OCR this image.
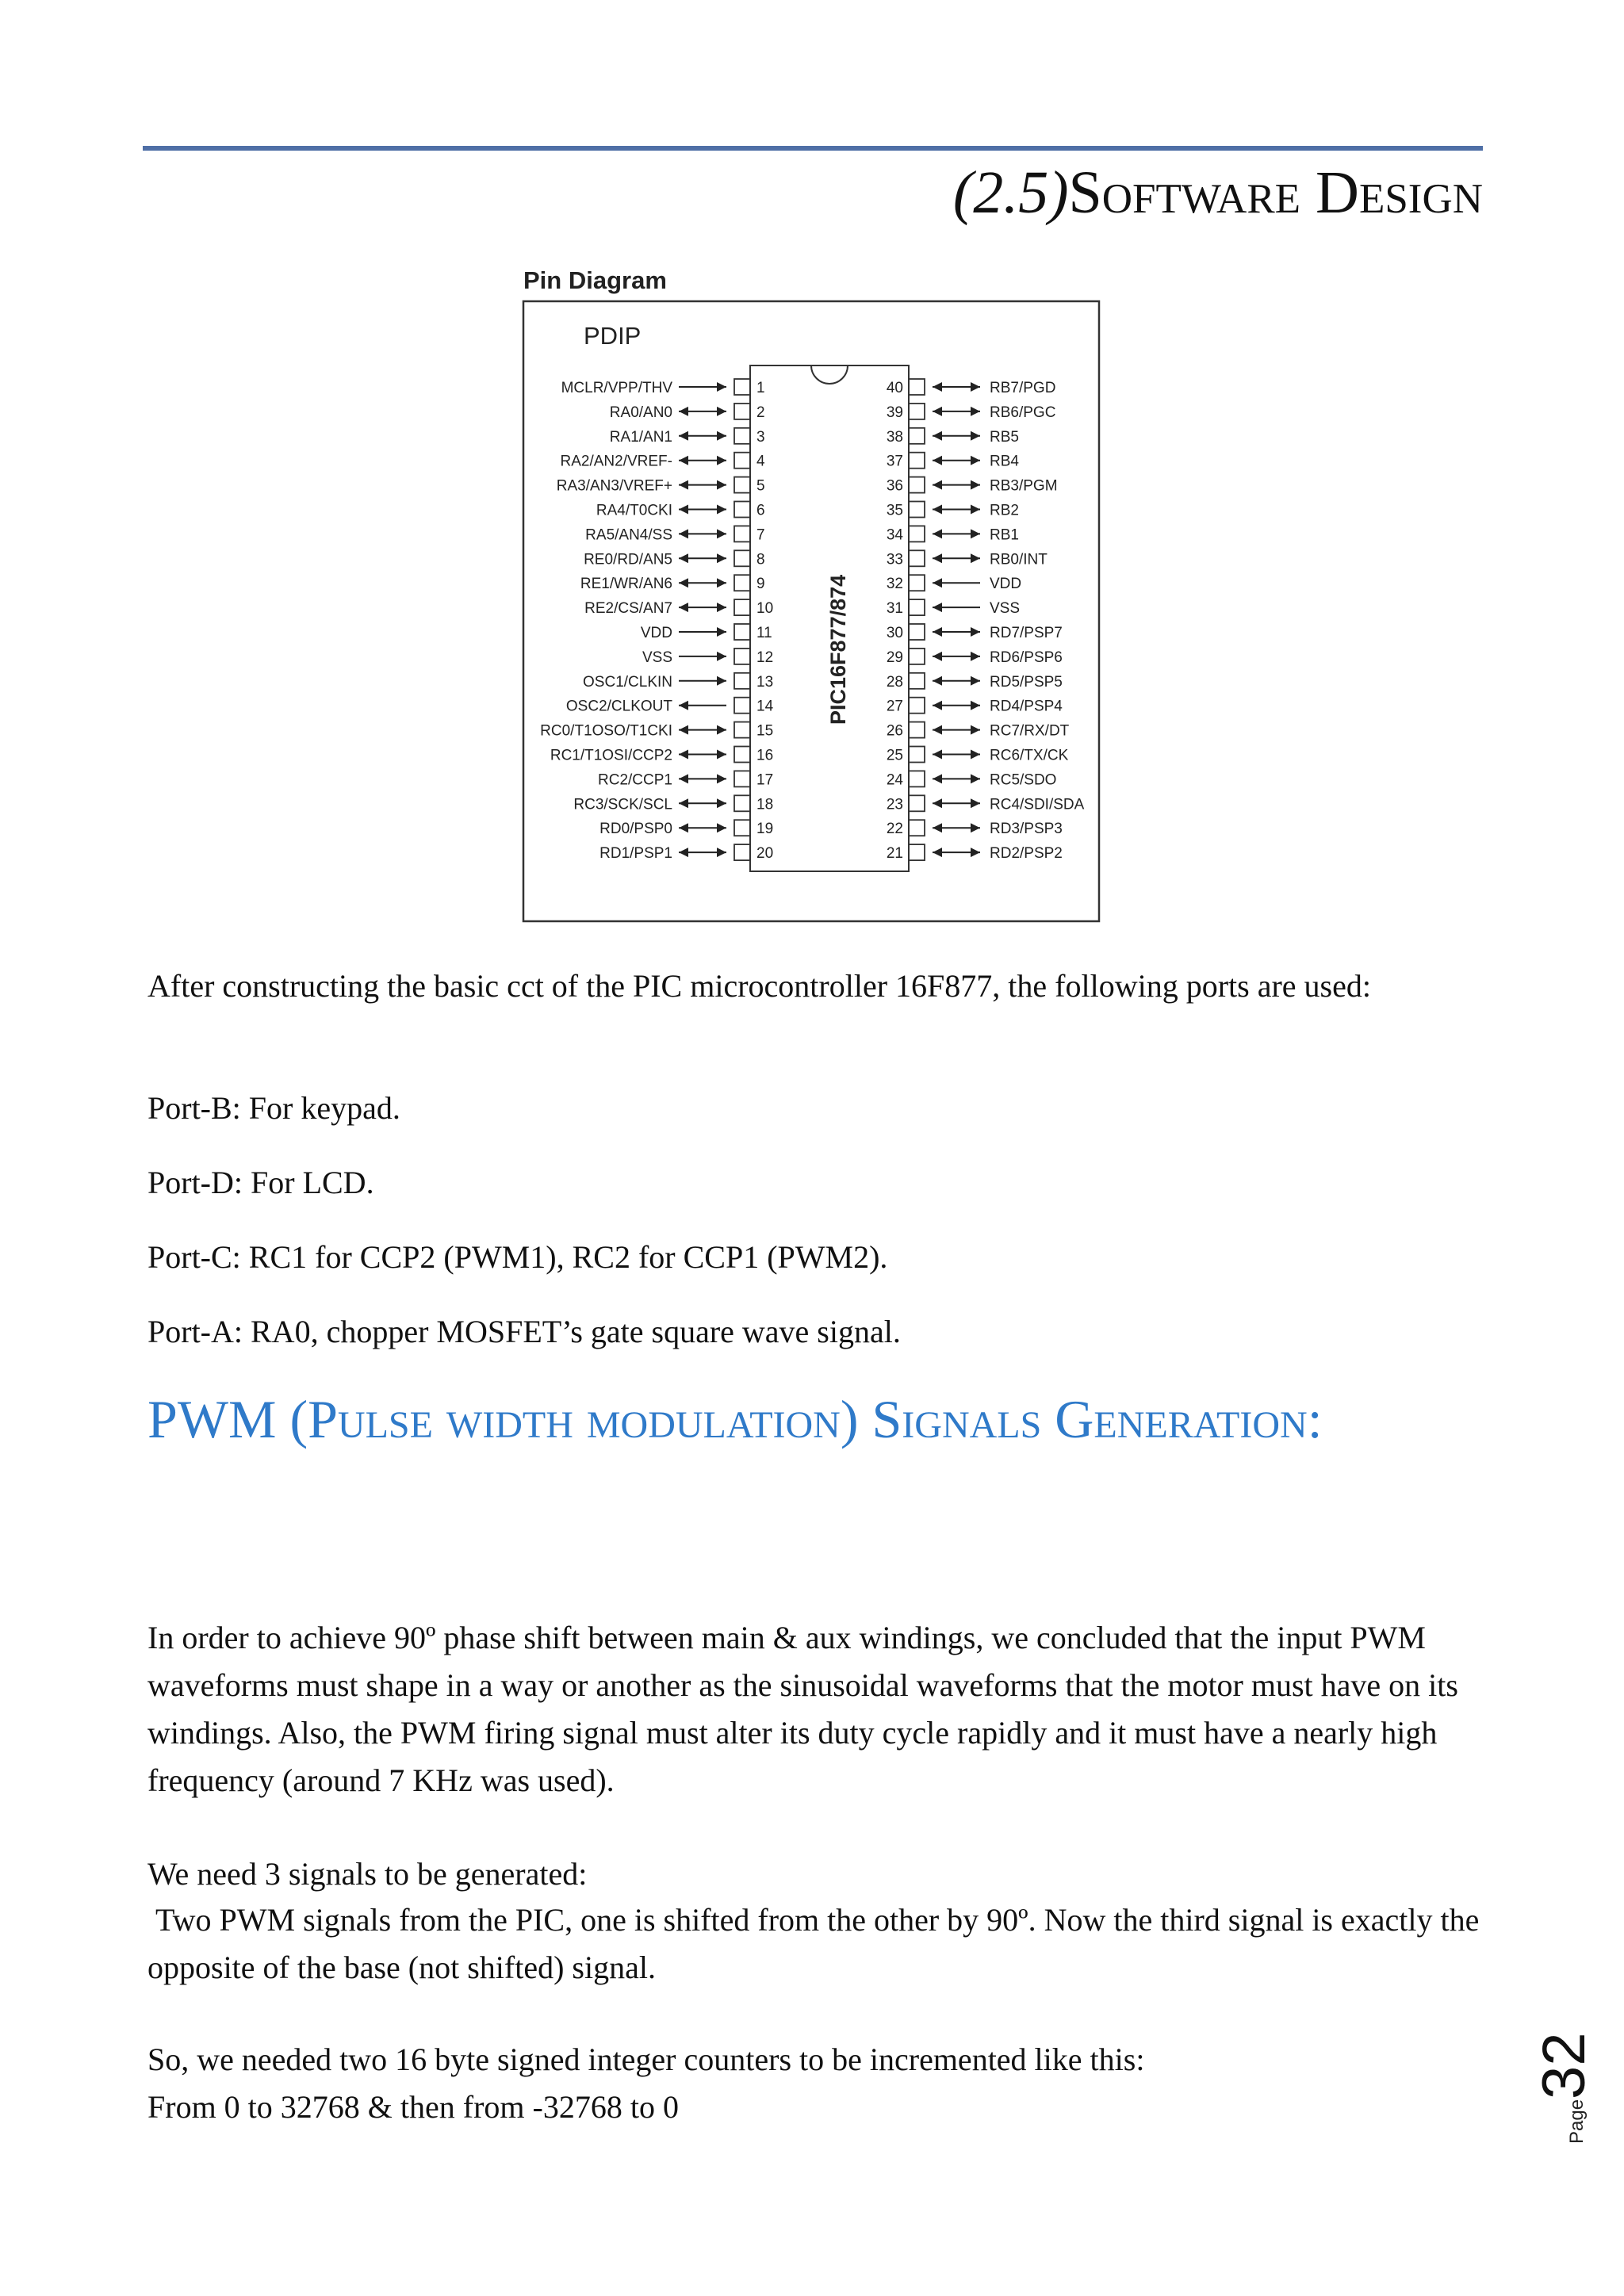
(2.5)Software Design
Pin Diagram
PDIP
PIC16F877/874
MCLR/VPP/THV	1
RA0/AN0	2
RA1/AN1	3
RA2/AN2/VREF-	4
RA3/AN3/VREF+	5
RA4/T0CKI	6
RA5/AN4/SS	7
RE0/RD/AN5	8
RE1/WR/AN6	9
RE2/CS/AN7	10
VDD	11
VSS	12
OSC1/CLKIN	13
OSC2/CLKOUT	14
RC0/T1OSO/T1CKI	15
RC1/T1OSI/CCP2	16
RC2/CCP1	17
RC3/SCK/SCL	18
RD0/PSP0	19
RD1/PSP1	20
40	RB7/PGD
39	RB6/PGC
38	RB5
37	RB4
36	RB3/PGM
35	RB2
34	RB1
33	RB0/INT
32	VDD
31	VSS
30	RD7/PSP7
29	RD6/PSP6
28	RD5/PSP5
27	RD4/PSP4
26	RC7/RX/DT
25	RC6/TX/CK
24	RC5/SDO
23	RC4/SDI/SDA
22	RD3/PSP3
21	RD2/PSP2

After constructing the basic cct of the PIC microcontroller 16F877, the following ports are used:

Port-B: For keypad.

Port-D: For LCD.

Port-C: RC1 for CCP2 (PWM1), RC2 for CCP1 (PWM2).

Port-A: RA0, chopper MOSFET’s gate square wave signal.

PWM (Pulse width modulation) Signals Generation:

In order to achieve 90º phase shift between main & aux windings, we concluded that the input PWM waveforms must shape in a way or another as the sinusoidal waveforms that the motor must have on its windings. Also, the PWM firing signal must alter its duty cycle rapidly and it must have a nearly high frequency (around 7 KHz was used).

We need 3 signals to be generated:

Two PWM signals from the PIC, one is shifted from the other by 90º. Now the third signal is exactly the opposite of the base (not shifted) signal.

So, we needed two 16 byte signed integer counters to be incremented like this:

From 0 to 32768 & then from -32768 to 0	Page
32
